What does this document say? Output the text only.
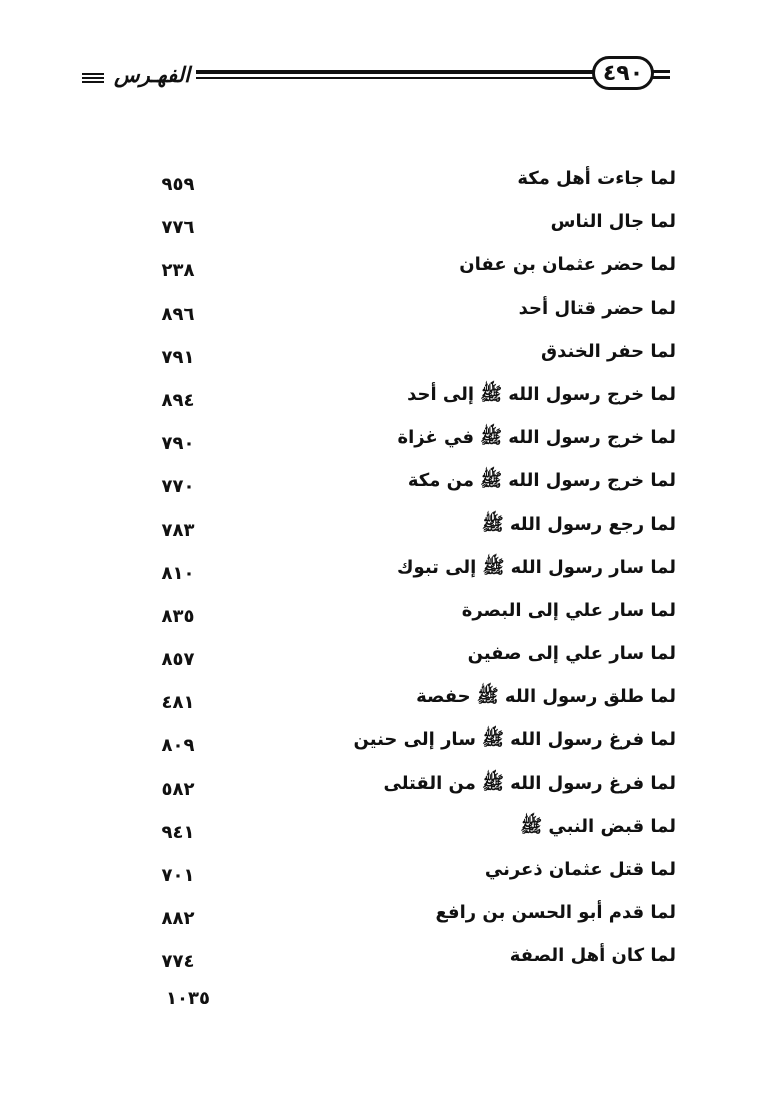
٤٩٠
الفهـرس
لما جاءت أهل مكة
٩٥٩
لما جال الناس
٧٧٦
لما حضر عثمان بن عفان
٢٣٨
لما حضر قتال أحد
٨٩٦
لما حفر الخندق
٧٩١
لما خرج رسول الله ﷺ إلى أحد
٨٩٤
لما خرج رسول الله ﷺ في غزاة
٧٩٠
لما خرج رسول الله ﷺ من مكة
٧٧٠
لما رجع رسول الله ﷺ
٧٨٣
لما سار رسول الله ﷺ إلى تبوك
٨١٠
لما سار علي إلى البصرة
٨٣٥
لما سار علي إلى صفين
٨٥٧
لما طلق رسول الله ﷺ حفصة
٤٨١
لما فرغ رسول الله ﷺ سار إلى حنين
٨٠٩
لما فرغ رسول الله ﷺ من القتلى
٥٨٢
لما قبض النبي ﷺ
٩٤١
لما قتل عثمان ذعرني
٧٠١
لما قدم أبو الحسن بن رافع
٨٨٢
لما كان أهل الصفة
٧٧٤
١٠٣٥
